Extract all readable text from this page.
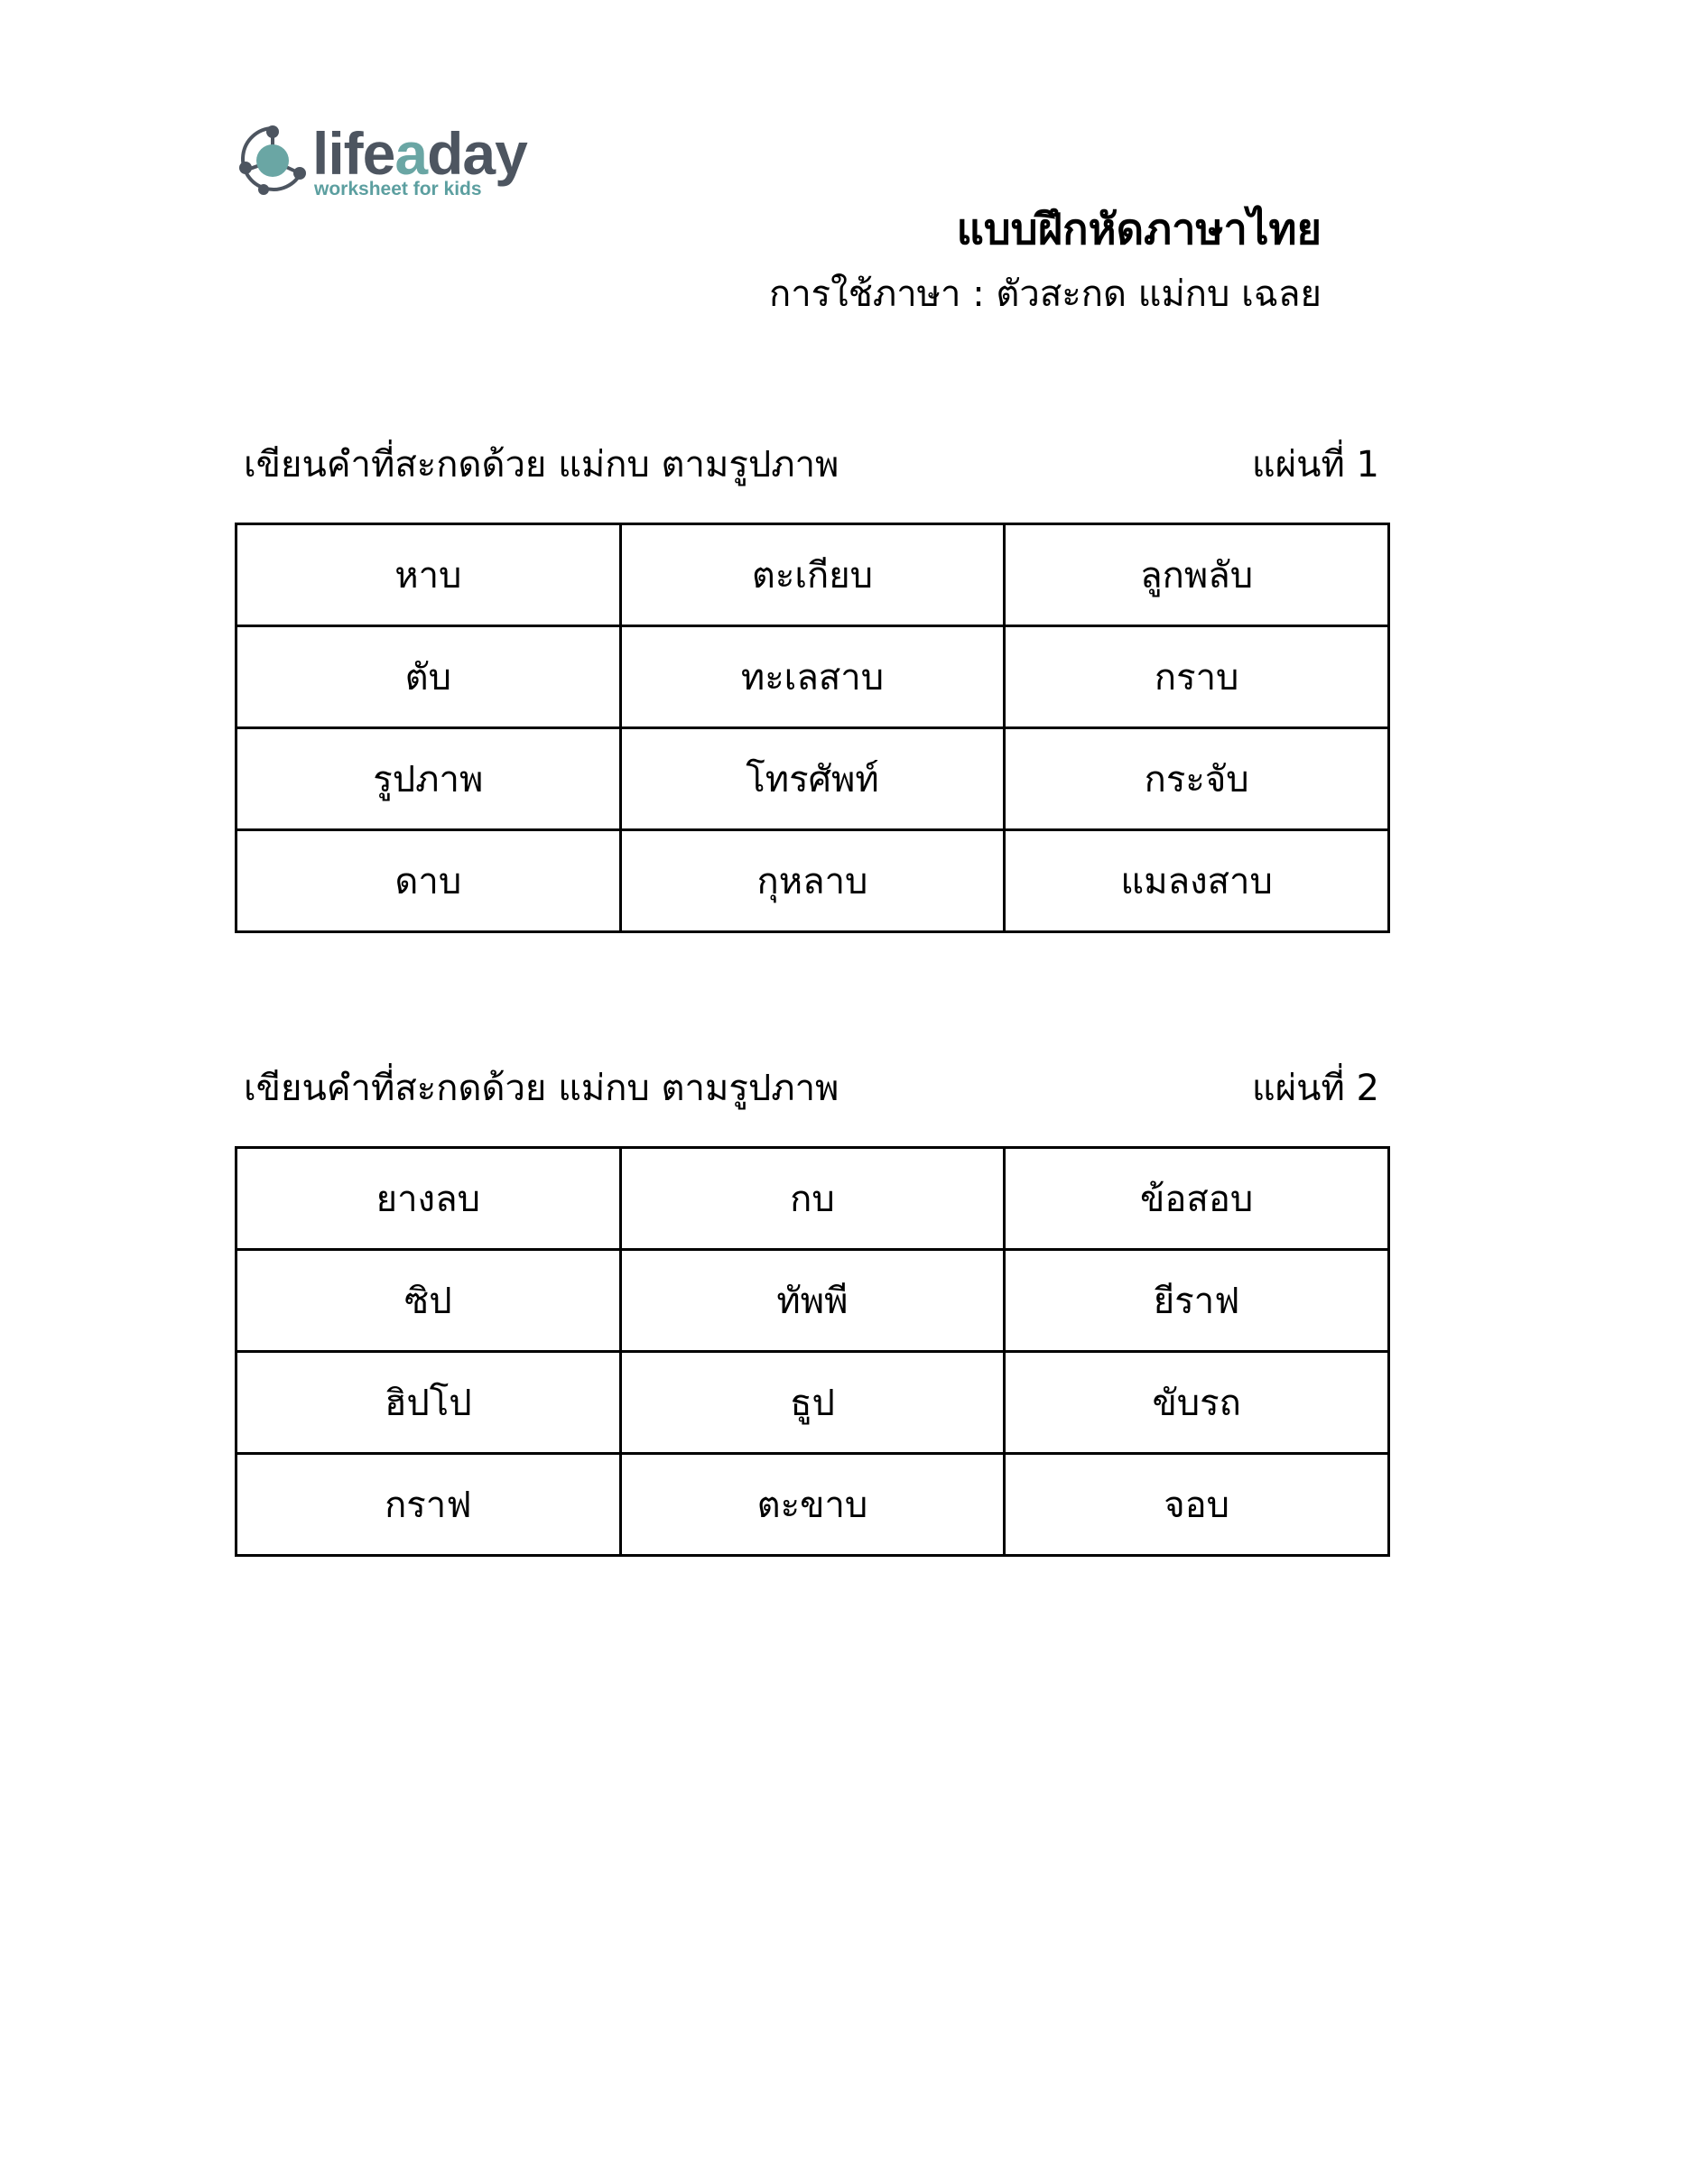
lifeaday
worksheet for kids
แบบฝึกหัดภาษาไทย
การใช้ภาษา : ตัวสะกด แม่กบ เฉลย
เขียนคำที่สะกดด้วย แม่กบ ตามรูปภาพ	แผ่นที่ 1
หาบ	ตะเกียบ	ลูกพลับ
ตับ	ทะเลสาบ	กราบ
รูปภาพ	โทรศัพท์	กระจับ
ดาบ	กุหลาบ	แมลงสาบ
เขียนคำที่สะกดด้วย แม่กบ ตามรูปภาพ	แผ่นที่ 2
ยางลบ	กบ	ข้อสอบ
ซิป	ทัพพี	ยีราฟ
ฮิปโป	ธูป	ขับรถ
กราฟ	ตะขาบ	จอบ
